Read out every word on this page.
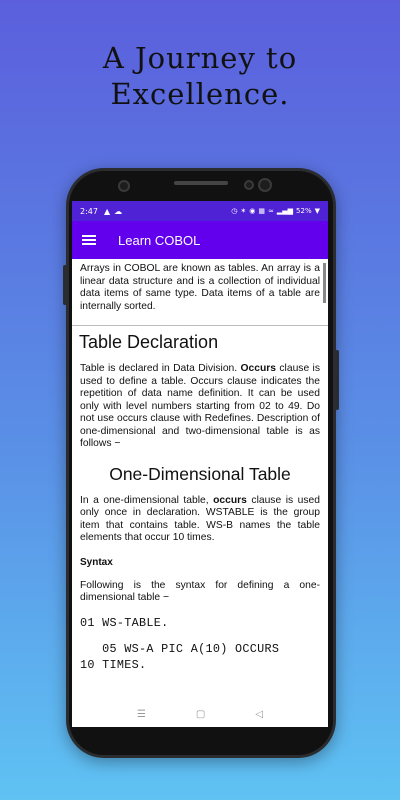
A Journey to
Excellence.
2:47 ▲ ☁	◷ ✶ ◉ ▦ ≈ ▂▄▆ 52% ▼
Learn COBOL

Arrays in COBOL are known as tables. An array is a linear data structure and is a collection of individual data items of same type. Data items of a table are internally sorted.

Table Declaration

Table is declared in Data Division. Occurs clause is used to define a table. Occurs clause indicates the repetition of data name definition. It can be used only with level numbers starting from 02 to 49. Do not use occurs clause with Redefines. Description of one-dimensional and two-dimensional table is as follows −

One-Dimensional Table

In a one-dimensional table, occurs clause is used only once in declaration. WSTABLE is the group item that contains table. WS-B names the table elements that occur 10 times.

Syntax

Following is the syntax for defining a one-dimensional table −

01 WS-TABLE.
05 WS-A PIC A(10) OCCURS
10 TIMES.
☰	▢	◁
